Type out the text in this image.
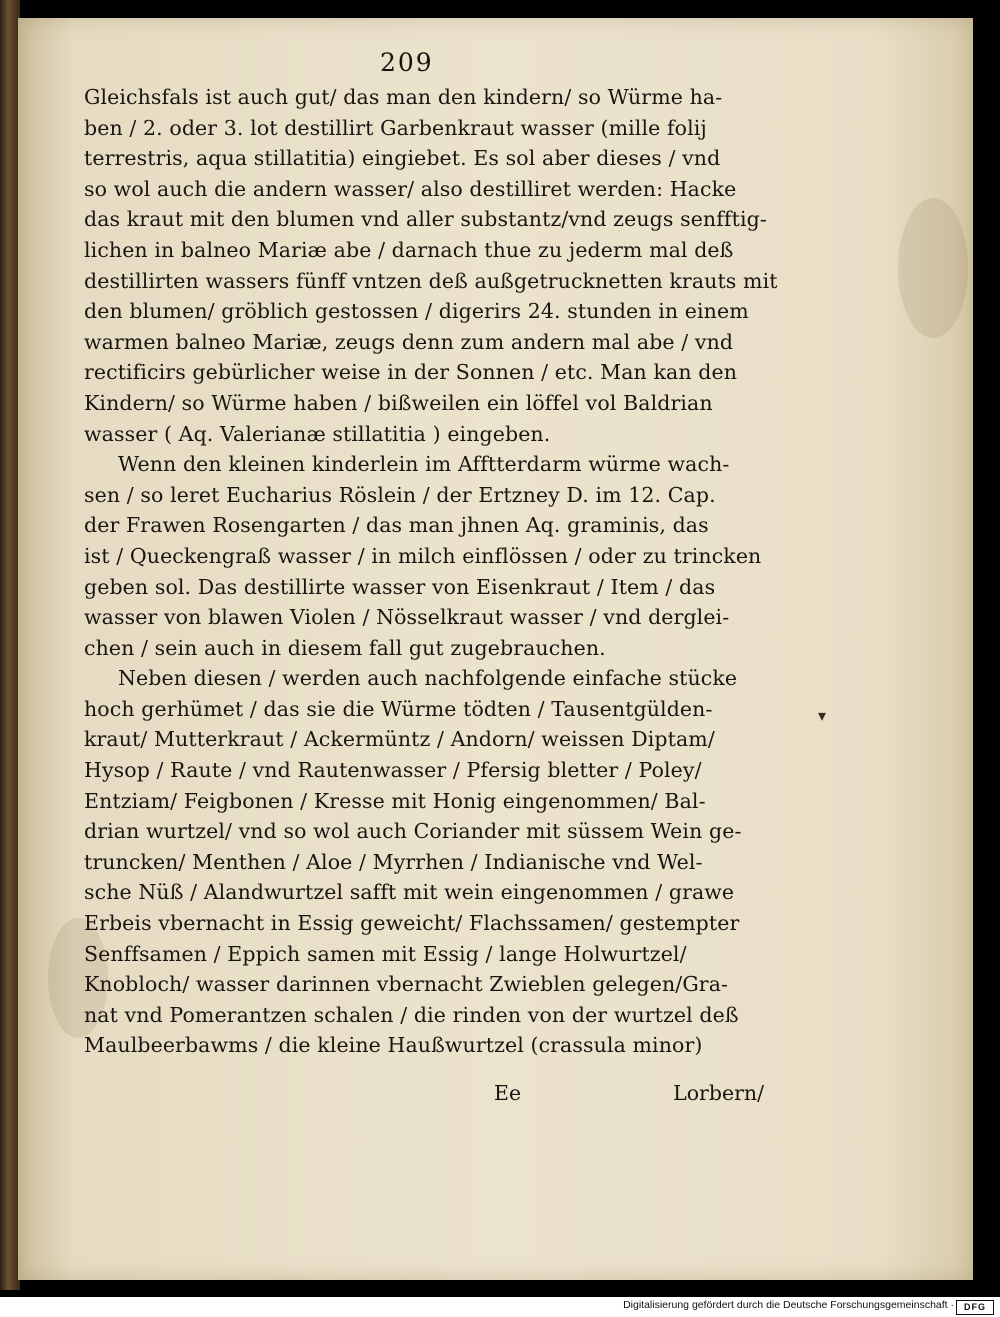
209
Gleichsfals ist auch gut/ das man den kindern/ so Würme ha-
ben / 2. oder 3. lot destillirt Garbenkraut wasser (mille folij
terrestris, aqua stillatitia) eingiebet. Es sol aber dieses / vnd
so wol auch die andern wasser/ also destilliret werden: Hacke
das kraut mit den blumen vnd aller substantz/vnd zeugs senfftig-
lichen in balneo Mariæ abe / darnach thue zu jederm mal deß
destillirten wassers fünff vntzen deß außgetrucknetten krauts mit
den blumen/ gröblich gestossen / digerirs 24. stunden in einem
warmen balneo Mariæ, zeugs denn zum andern mal abe / vnd
rectificirs gebürlicher weise in der Sonnen / etc. Man kan den
Kindern/ so Würme haben / bißweilen ein löffel vol Baldrian
wasser ( Aq. Valerianæ stillatitia ) eingeben.
Wenn den kleinen kinderlein im Afftterdarm würme wach-
sen / so leret Eucharius Röslein / der Ertzney D. im 12. Cap.
der Frawen Rosengarten / das man jhnen Aq. graminis, das
ist / Queckengraß wasser / in milch einflössen / oder zu trincken
geben sol. Das destillirte wasser von Eisenkraut / Item / das
wasser von blawen Violen / Nösselkraut wasser / vnd derglei-
chen / sein auch in diesem fall gut zugebrauchen.
Neben diesen / werden auch nachfolgende einfache stücke
hoch gerhümet / das sie die Würme tödten / Tausentgülden-
kraut/ Mutterkraut / Ackermüntz / Andorn/ weissen Diptam/
Hysop / Raute / vnd Rautenwasser / Pfersig bletter / Poley/
Entziam/ Feigbonen / Kresse mit Honig eingenommen/ Bal-
drian wurtzel/ vnd so wol auch Coriander mit süssem Wein ge-
truncken/ Menthen / Aloe / Myrrhen / Indianische vnd Wel-
sche Nüß / Alandwurtzel safft mit wein eingenommen / grawe
Erbeis vbernacht in Essig geweicht/ Flachssamen/ gestempter
Senffsamen / Eppich samen mit Essig / lange Holwurtzel/
Knobloch/ wasser darinnen vbernacht Zwieblen gelegen/Gra-
nat vnd Pomerantzen schalen / die rinden von der wurtzel deß
Maulbeerbawms / die kleine Haußwurtzel (crassula minor)
Ee	Lorbern/
▾
Digitalisierung gefördert durch die Deutsche Forschungsgemeinschaft ·	DFG
